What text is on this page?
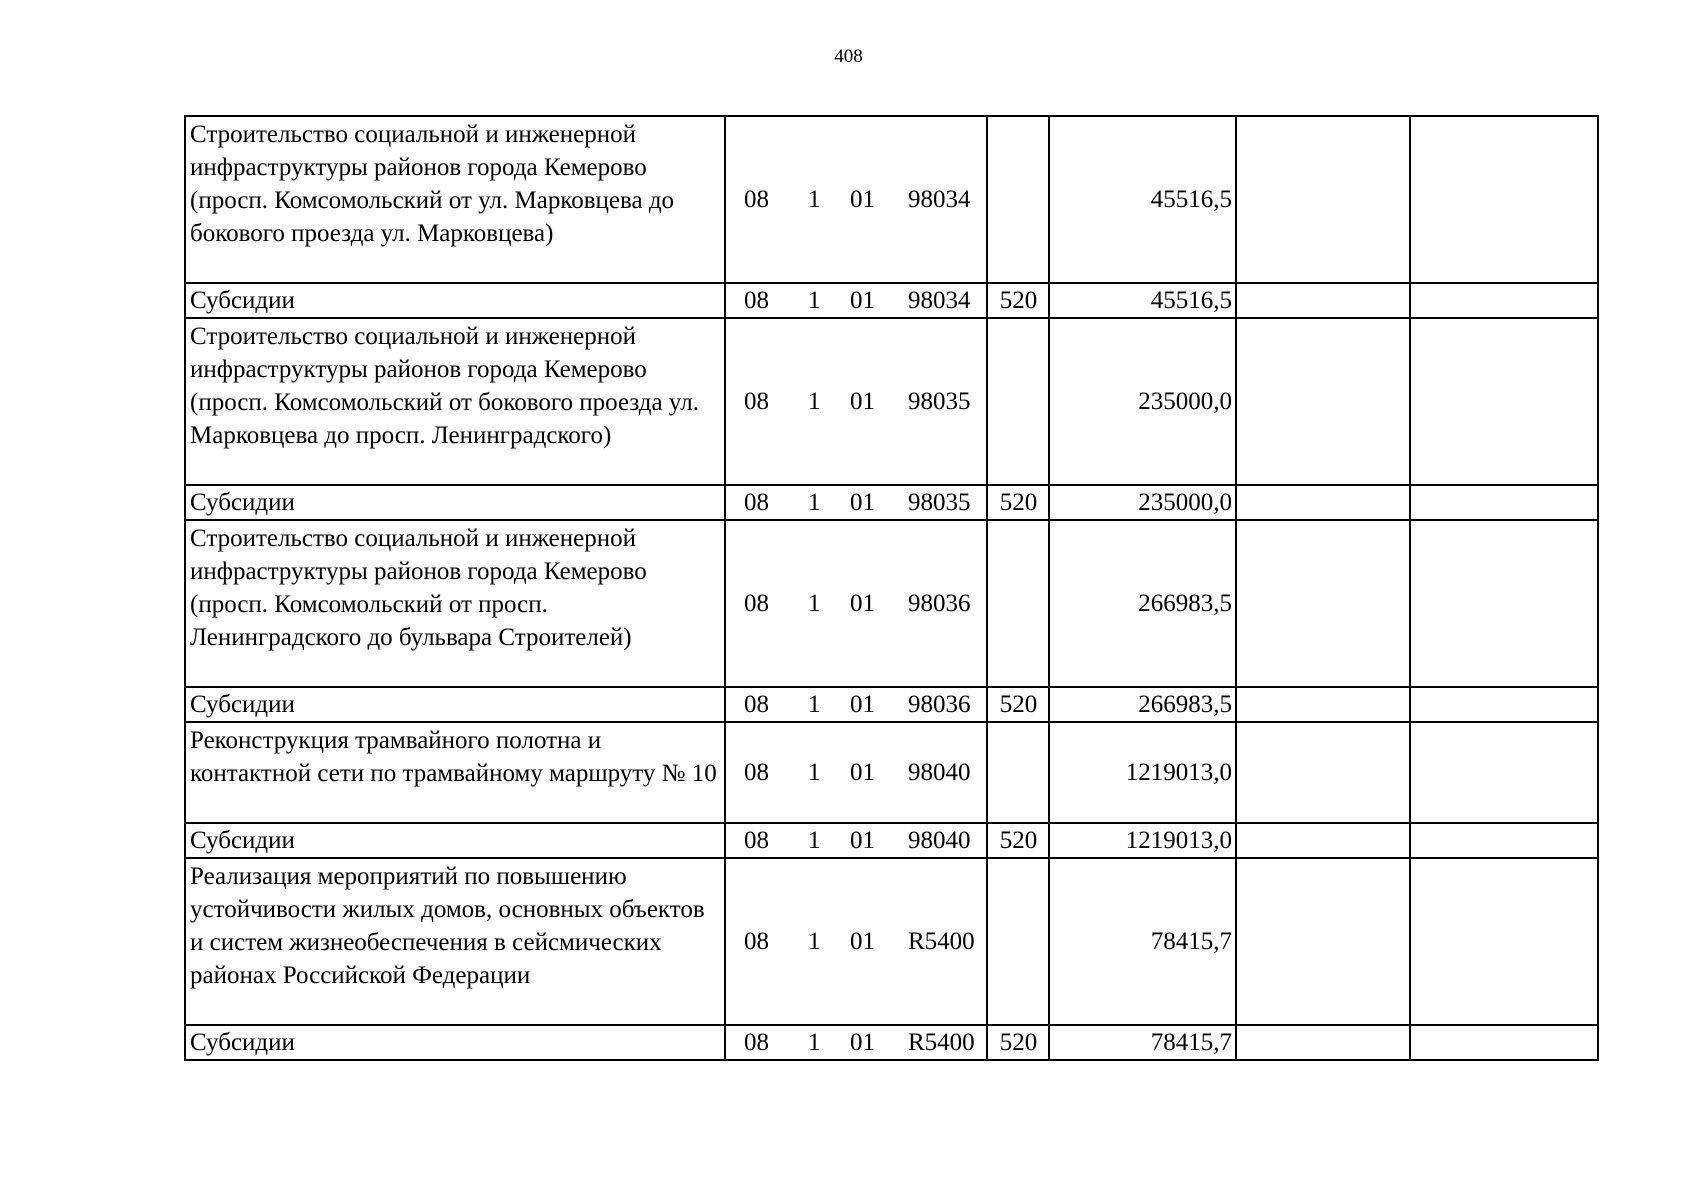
408
Строительство социальной и инженерной инфраструктуры районов города Кемерово (просп. Комсомольский от ул. Марковцева до бокового проезда ул. Марковцева)	08 1 01 98034		45516,5		
Субсидии	08 1 01 98034	520	45516,5		
Строительство социальной и инженерной инфраструктуры районов города Кемерово (просп. Комсомольский от бокового проезда ул. Марковцева до просп. Ленинградского)	08 1 01 98035		235000,0		
Субсидии	08 1 01 98035	520	235000,0		
Строительство социальной и инженерной инфраструктуры районов города Кемерово (просп. Комсомольский от просп. Ленинградского до бульвара Строителей)	08 1 01 98036		266983,5		
Субсидии	08 1 01 98036	520	266983,5		
Реконструкция трамвайного полотна и контактной сети по трамвайному маршруту № 10	08 1 01 98040		1219013,0		
Субсидии	08 1 01 98040	520	1219013,0		
Реализация мероприятий по повышению устойчивости жилых домов, основных объектов и систем жизнеобеспечения в сейсмических районах Российской Федерации	08 1 01 R5400		78415,7		
Субсидии	08 1 01 R5400	520	78415,7		
